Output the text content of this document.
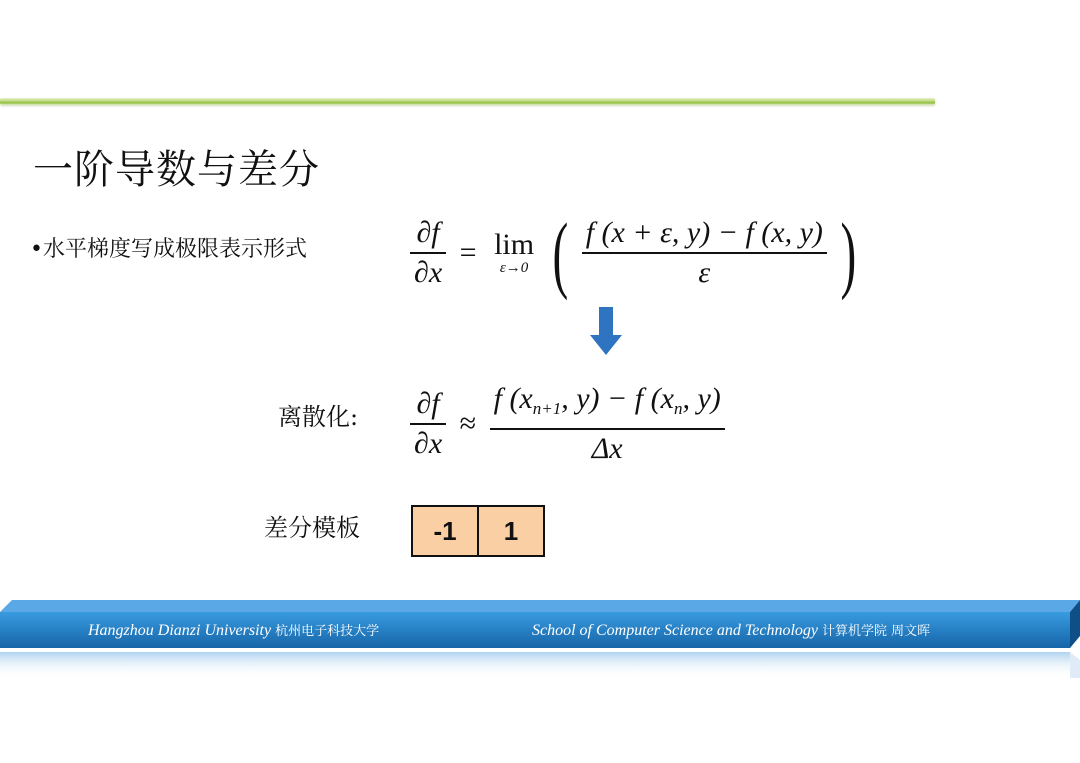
一阶导数与差分
•水平梯度写成极限表示形式	$\frac{\partial f}{\partial x} = \lim$
ε→0 ( $\frac{f (x + \varepsilon, y) - f (x, y)}{\varepsilon}$ )
离散化: $\frac{\partial f}{\partial x} \approx \frac{f (x_{n+1}, y) - f (x_n, y)}{\Delta x}$
差分模板	-1	1
Hangzhou Dianzi University 杭州电子科技大学	School of Computer Science and Technology 计算机学院 周文晖
